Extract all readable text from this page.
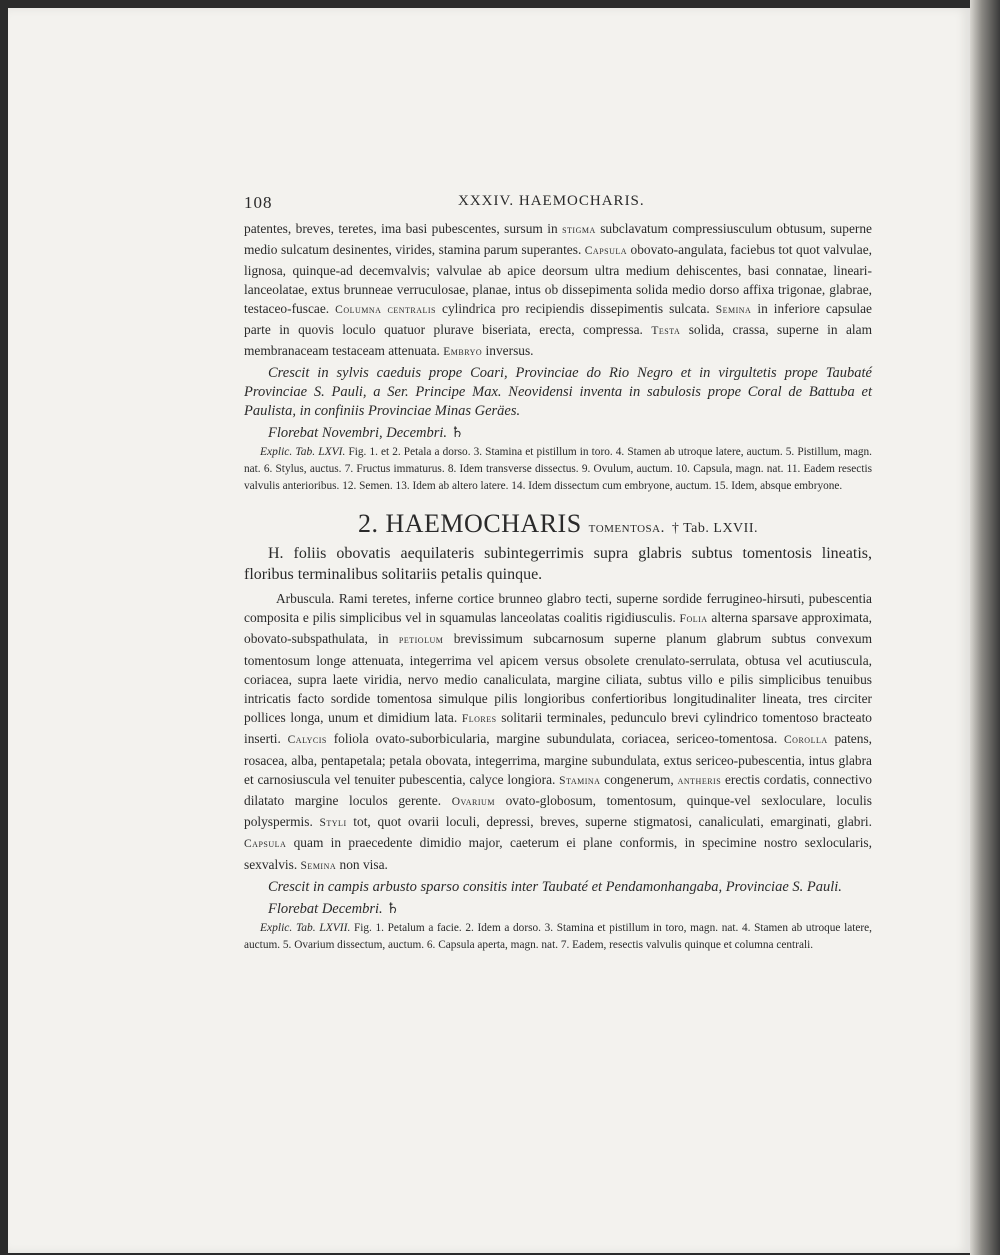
108	XXXIV. HAEMOCHARIS.

patentes, breves, teretes, ima basi pubescentes, sursum in stigma subclavatum compressiusculum obtusum, superne medio sulcatum desinentes, virides, stamina parum superantes. Capsula obovato-angulata, faciebus tot quot valvulae, lignosa, quinque-ad decemvalvis; valvulae ab apice deorsum ultra medium dehiscentes, basi connatae, lineari-lanceolatae, extus brunneae verruculosae, planae, intus ob dissepimenta solida medio dorso affixa trigonae, glabrae, testaceo-fuscae. Columna centralis cylindrica pro recipiendis dissepimentis sulcata. Semina in inferiore capsulae parte in quovis loculo quatuor plurave biseriata, erecta, compressa. Testa solida, crassa, superne in alam membranaceam testaceam attenuata. Embryo inversus.

Crescit in sylvis caeduis prope Coari, Provinciae do Rio Negro et in virgultetis prope Taubaté Provinciae S. Pauli, a Ser. Principe Max. Neovidensi inventa in sabulosis prope Coral de Battuba et Paulista, in confiniis Provinciae Minas Geräes.

Florebat Novembri, Decembri. ♄

Explic. Tab. LXVI. Fig. 1. et 2. Petala a dorso. 3. Stamina et pistillum in toro. 4. Stamen ab utroque latere, auctum. 5. Pistillum, magn. nat. 6. Stylus, auctus. 7. Fructus immaturus. 8. Idem transverse dissectus. 9. Ovulum, auctum. 10. Capsula, magn. nat. 11. Eadem resectis valvulis anterioribus. 12. Semen. 13. Idem ab altero latere. 14. Idem dissectum cum embryone, auctum. 15. Idem, absque embryone.

2. HAEMOCHARIS tomentosa. † Tab. LXVII.

H. foliis obovatis aequilateris subintegerrimis supra glabris subtus tomentosis lineatis, floribus terminalibus solitariis petalis quinque.

Arbuscula. Rami teretes, inferne cortice brunneo glabro tecti, superne sordide ferrugineo-hirsuti, pubescentia composita e pilis simplicibus vel in squamulas lanceolatas coalitis rigidiusculis. Folia alterna sparsave approximata, obovato-subspathulata, in petiolum brevissimum subcarnosum superne planum glabrum subtus convexum tomentosum longe attenuata, integerrima vel apicem versus obsolete crenulato-serrulata, obtusa vel acutiuscula, coriacea, supra laete viridia, nervo medio canaliculata, margine ciliata, subtus villo e pilis simplicibus tenuibus intricatis facto sordide tomentosa simulque pilis longioribus confertioribus longitudinaliter lineata, tres circiter pollices longa, unum et dimidium lata. Flores solitarii terminales, pedunculo brevi cylindrico tomentoso bracteato inserti. Calycis foliola ovato-suborbicularia, margine subundulata, coriacea, sericeo-tomentosa. Corolla patens, rosacea, alba, pentapetala; petala obovata, integerrima, margine subundulata, extus sericeo-pubescentia, intus glabra et carnosiuscula vel tenuiter pubescentia, calyce longiora. Stamina congenerum, antheris erectis cordatis, connectivo dilatato margine loculos gerente. Ovarium ovato-globosum, tomentosum, quinque-vel sexloculare, loculis polyspermis. Styli tot, quot ovarii loculi, depressi, breves, superne stigmatosi, canaliculati, emarginati, glabri. Capsula quam in praecedente dimidio major, caeterum ei plane conformis, in specimine nostro sexlocularis, sexvalvis. Semina non visa.

Crescit in campis arbusto sparso consitis inter Taubaté et Pendamonhangaba, Provinciae S. Pauli.

Florebat Decembri. ♄

Explic. Tab. LXVII. Fig. 1. Petalum a facie. 2. Idem a dorso. 3. Stamina et pistillum in toro, magn. nat. 4. Stamen ab utroque latere, auctum. 5. Ovarium dissectum, auctum. 6. Capsula aperta, magn. nat. 7. Eadem, resectis valvulis quinque et columna centrali.
